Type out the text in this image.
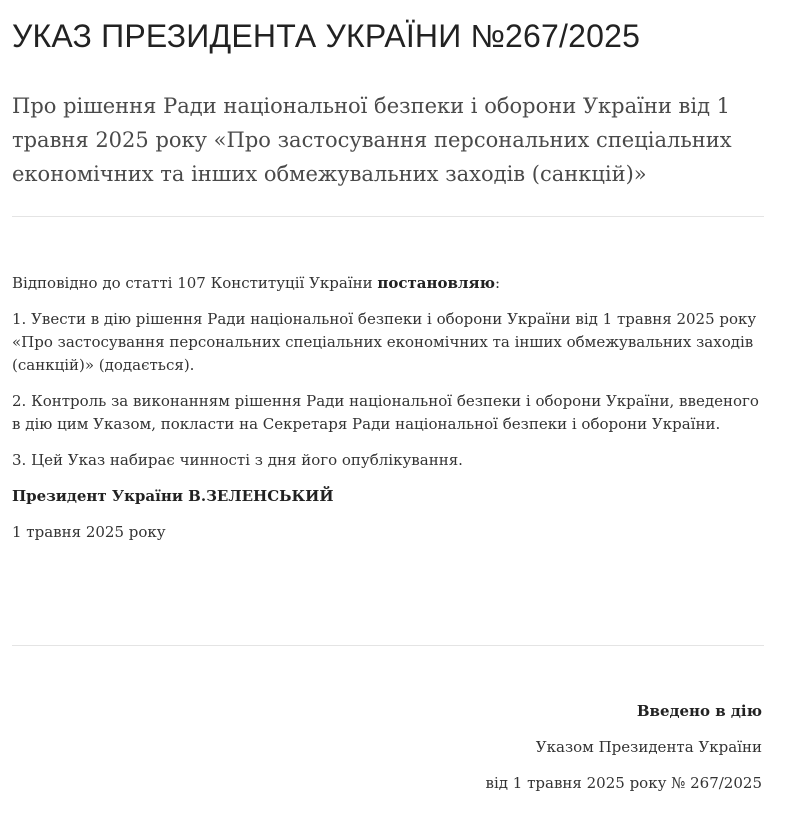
УКАЗ ПРЕЗИДЕНТА УКРАЇНИ №267/2025

Про рішення Ради національної безпеки і оборони України від 1 травня 2025 року «Про застосування персональних спеціальних економічних та інших обмежувальних заходів (санкцій)»

Відповідно до статті 107 Конституції України постановляю:

1. Увести в дію рішення Ради національної безпеки і оборони України від 1 травня 2025 року «Про застосування персональних спеціальних економічних та інших обмежувальних заходів (санкцій)» (додається).

2. Контроль за виконанням рішення Ради національної безпеки і оборони України, введеного в дію цим Указом, покласти на Секретаря Ради національної безпеки і оборони України.

3. Цей Указ набирає чинності з дня його опублікування.

Президент України В.ЗЕЛЕНСЬКИЙ

1 травня 2025 року

Введено в дію

Указом Президента України

від 1 травня 2025 року № 267/2025
